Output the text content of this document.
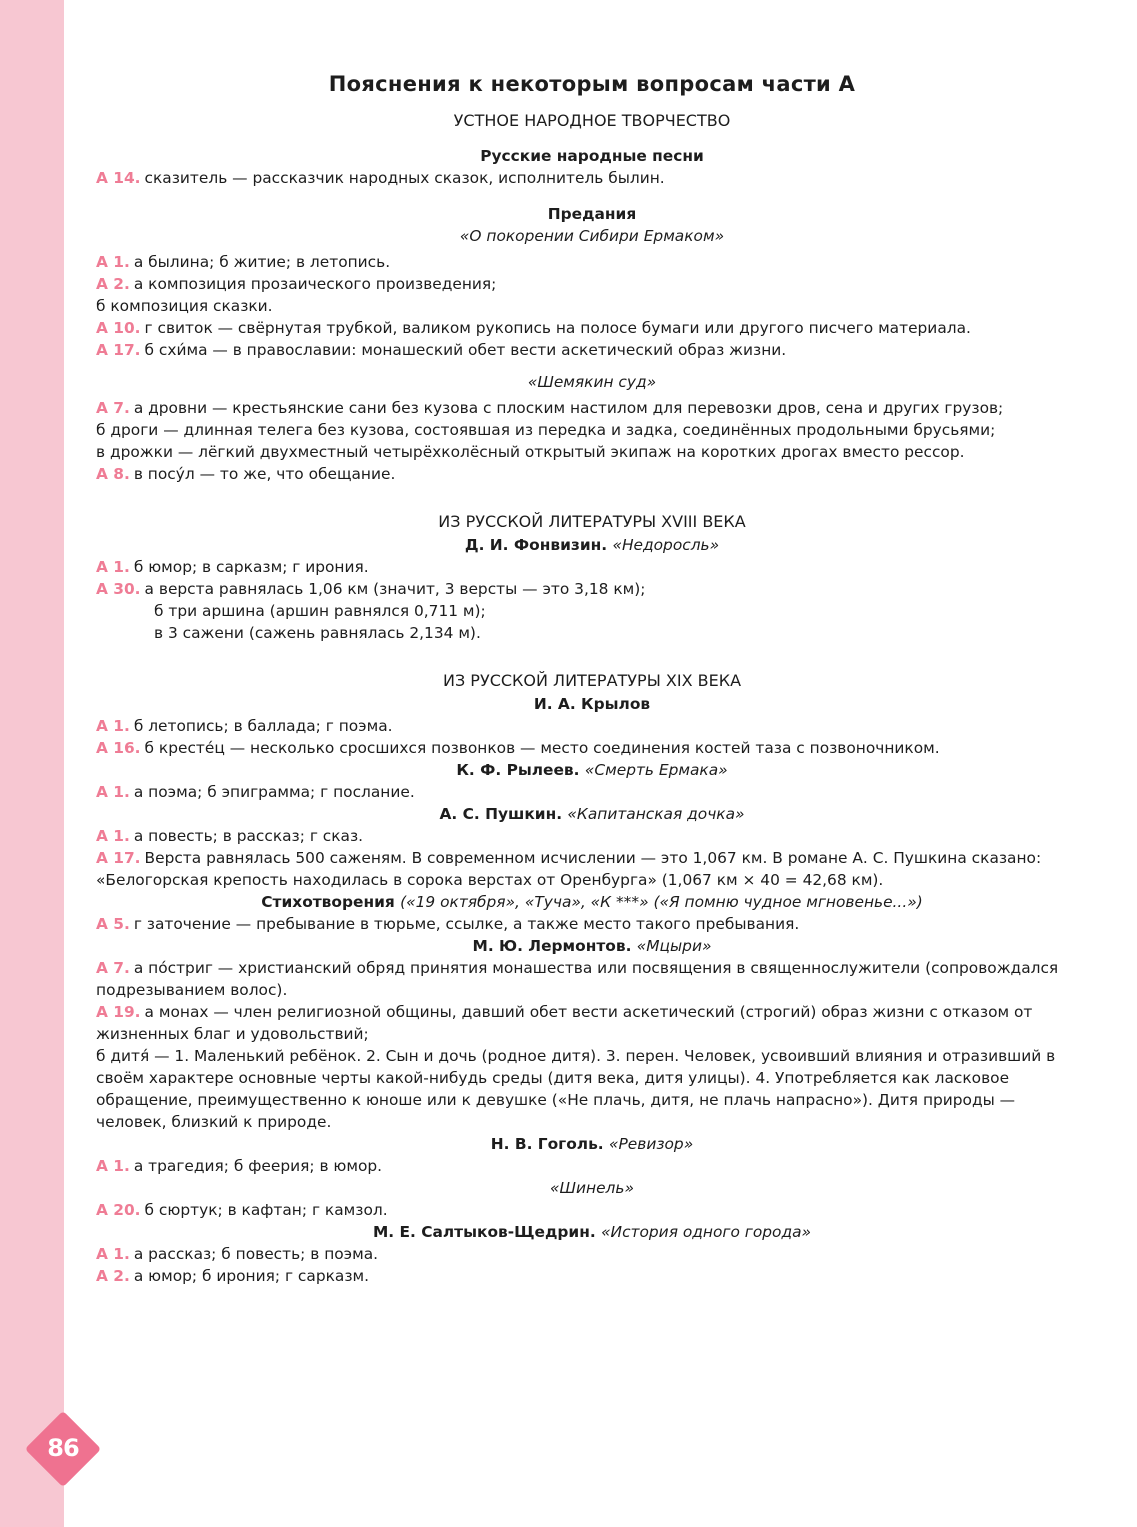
86
Пояснения к некоторым вопросам части А
УСТНОЕ НАРОДНОЕ ТВОРЧЕСТВО
Русские народные песни
А 14. сказитель — рассказчик народных сказок, исполнитель былин.
Предания
«О покорении Сибири Ермаком»
А 1. а былина; б житие; в летопись.
А 2. а композиция прозаического произведения;
б композиция сказки.
А 10. г свиток — свёрнутая трубкой, валиком рукопись на полосе бумаги или другого писчего материала.
А 17. б схи́ма — в православии: монашеский обет вести аскетический образ жизни.
«Шемякин суд»
А 7. а дровни — крестьянские сани без кузова с плоским настилом для перевозки дров, сена и других грузов;
б дроги — длинная телега без кузова, состоявшая из передка и задка, соединённых продольными брусьями;
в дрожки — лёгкий двухместный четырёхколёсный открытый экипаж на коротких дрогах вместо рессор.
А 8. в посу́л — то же, что обещание.
ИЗ РУССКОЙ ЛИТЕРАТУРЫ XVIII ВЕКА
Д. И. Фонвизин. «Недоросль»
А 1. б юмор; в сарказм; г ирония.
А 30. а верста равнялась 1,06 км (значит, 3 версты — это 3,18 км);
б три аршина (аршин равнялся 0,711 м);
в 3 сажени (сажень равнялась 2,134 м).
ИЗ РУССКОЙ ЛИТЕРАТУРЫ XIX ВЕКА
И. А. Крылов
А 1. б летопись; в баллада; г поэма.
А 16. б кресте́ц — несколько сросшихся позвонков — место соединения костей таза с позвоночником.
К. Ф. Рылеев. «Смерть Ермака»
А 1. а поэма; б эпиграмма; г послание.
А. С. Пушкин. «Капитанская дочка»
А 1. а повесть; в рассказ; г сказ.
А 17. Верста равнялась 500 саженям. В современном исчислении — это 1,067 км. В романе А. С. Пушкина сказано: «Белогорская крепость находилась в сорока верстах от Оренбурга» (1,067 км × 40 = 42,68 км).
Стихотворения («19 октября», «Туча», «К ***» («Я помню чудное мгновенье...»)
А 5. г заточение — пребывание в тюрьме, ссылке, а также место такого пребывания.
М. Ю. Лермонтов. «Мцыри»
А 7. а по́стриг — христианский обряд принятия монашества или посвящения в священнослужители (сопровождался подрезыванием волос).
А 19. а монах — член религиозной общины, давший обет вести аскетический (строгий) образ жизни с отказом от жизненных благ и удовольствий;
б дитя́ — 1. Маленький ребёнок. 2. Сын и дочь (родное дитя). 3. перен. Человек, усвоивший влияния и отразивший в своём характере основные черты какой-нибудь среды (дитя века, дитя улицы). 4. Употребляется как ласковое обращение, преимущественно к юноше или к девушке («Не плачь, дитя, не плачь напрасно»). Дитя природы — человек, близкий к природе.
Н. В. Гоголь. «Ревизор»
А 1. а трагедия; б феерия; в юмор.
«Шинель»
А 20. б сюртук; в кафтан; г камзол.
М. Е. Салтыков-Щедрин. «История одного города»
А 1. а рассказ; б повесть; в поэма.
А 2. а юмор; б ирония; г сарказм.
